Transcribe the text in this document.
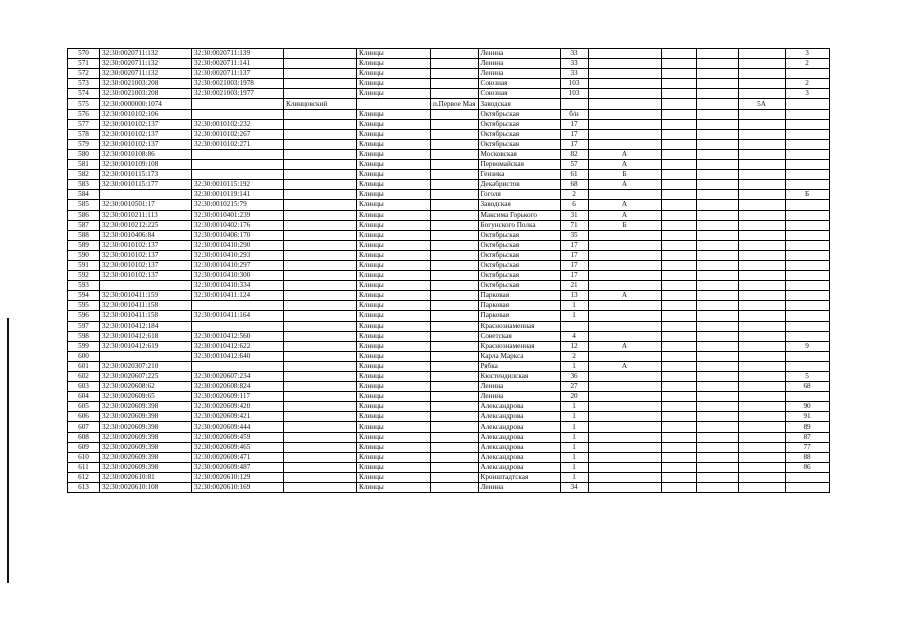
570	32:30:0020711:132	32:30:0020711:139		Клинцы		Ленина	33					3
571	32:30:0020711:132	32:30:0020711:141		Клинцы		Ленина	33					2
572	32:30:0020711:132	32:30:0020711:137		Клинцы		Ленина	33					
573	32:30:0021003:208	32:30:0021003:1978		Клинцы		Союзная	103					2
574	32:30:0021003:208	32:30:0021003:1977		Клинцы		Союзная	103					3
575	32:30:0000000:1074		Клинцовский		п.Первое Мая	Заводская					5А	
576	32:30:0010102:106			Клинцы		Октябрьская	б/н					
577	32:30:0010102:137	32:30:0010102:232		Клинцы		Октябрьская	17					
578	32:30:0010102:137	32:30:0010102:267		Клинцы		Октябрьская	17					
579	32:30:0010102:137	32:30:0010102:271		Клинцы		Октябрьская	17					
580	32:30:0010108:86			Клинцы		Московская	82	А				
581	32:30:0010109:108			Клинцы		Первомайская	57	А				
582	32:30:0010115:173			Клинцы		Гензика	61	Б				
583	32:30:0010115:177	32:30:0010115:192		Клинцы		Декабристов	68	А				
584		32:30:0010119:141		Клинцы		Гоголя	2					Б
585	32:30:0010501:17	32:30:0010215:79		Клинцы		Заводская	6	А				
586	32:30:0010211:113	32:30:0010401:239		Клинцы		Максима Горького	31	А				
587	32:30:0010212:225	32:30:0010402:176		Клинцы		Богунского Полка	71	Б				
588	32:30:0010406:84	32:30:0010406:170		Клинцы		Октябрьская	35					
589	32:30:0010102:137	32:30:0010410:290		Клинцы		Октябрьская	17					
590	32:30:0010102:137	32:30:0010410:293		Клинцы		Октябрьская	17					
591	32:30:0010102:137	32:30:0010410:297		Клинцы		Октябрьская	17					
592	32:30:0010102:137	32:30:0010410:300		Клинцы		Октябрьская	17					
593		32:30:0010410:334		Клинцы		Октябрьская	21					
594	32:30:0010411:159	32:30:0010411:124		Клинцы		Парковая	13	А				
595	32:30:0010411:158			Клинцы		Парковая	1					
596	32:30:0010411:158	32:30:0010411:164		Клинцы		Парковая	1					
597	32:30:0010412:184			Клинцы		Краснознаменная						
598	32:30:0010412:618	32:30:0010412:560		Клинцы		Советская	4					
599	32:30:0010412:619	32:30:0010412:622		Клинцы		Краснознаменная	12	А				9
600		32:30:0010412:640		Клинцы		Карла Маркса	2					
601	32:30:0020307:210			Клинцы		Рябка	1	А				
602	32:30:0020607:225	32:30:0020607:234		Клинцы		Кюстендилская	36					5
603	32:30:0020608:62	32:30:0020608:824		Клинцы		Ленина	27					68
604	32:30:0020609:65	32:30:0020609:117		Клинцы		Ленина	20					
605	32:30:0020609:398	32:30:0020609:420		Клинцы		Александрова	1					90
606	32:30:0020609:398	32:30:0020609:421		Клинцы		Александрова	1					91
607	32:30:0020609:398	32:30:0020609:444		Клинцы		Александрова	1					89
608	32:30:0020609:398	32:30:0020609:459		Клинцы		Александрова	1					87
609	32:30:0020609:398	32:30:0020609:465		Клинцы		Александрова	1					77
610	32:30:0020609:398	32:30:0020609:471		Клинцы		Александрова	1					88
611	32:30:0020609:398	32:30:0020609:487		Клинцы		Александрова	1					86
612	32:30:0020610:81	32:30:0020610:129		Клинцы		Кронштадтская	1					
613	32:30:0020610:108	32:30:0020610:169		Клинцы		Ленина	34					
